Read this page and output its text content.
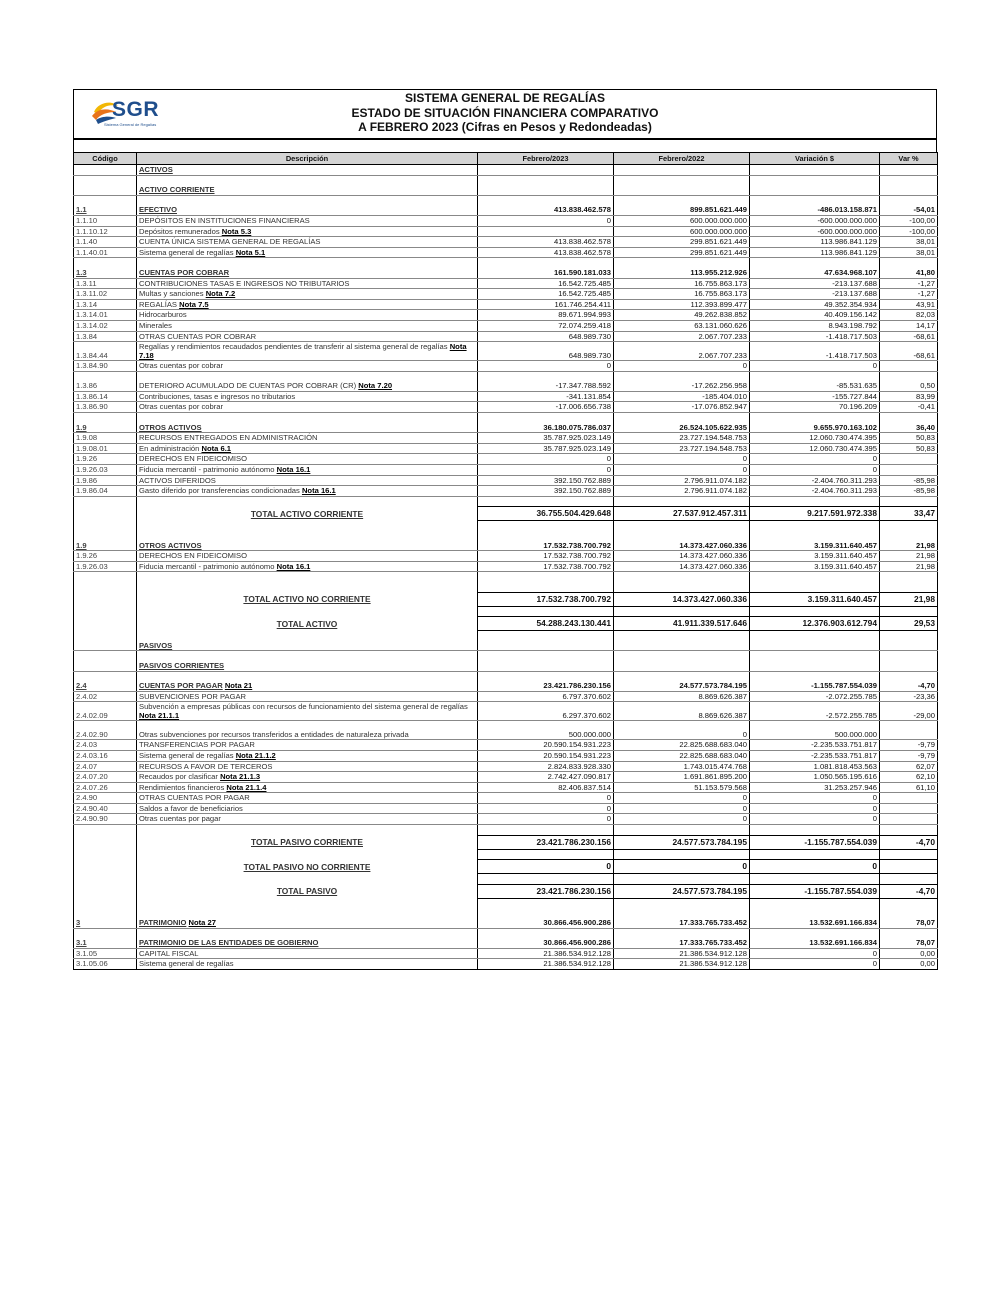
SGR
Sistema General de Regalías
SISTEMA GENERAL DE REGALÍAS
ESTADO DE SITUACIÓN FINANCIERA COMPARATIVO
A FEBRERO 2023 (Cifras en Pesos y Redondeadas)
Código	Descripción	Febrero/2023	Febrero/2022	Variación $	Var %
	ACTIVOS				

	ACTIVO CORRIENTE				

1.1	EFECTIVO	413.838.462.578	899.851.621.449	-486.013.158.871	-54,01
1.1.10	DEPÓSITOS EN INSTITUCIONES FINANCIERAS	0	600.000.000.000	-600.000.000.000	-100,00
1.1.10.12	Depósitos remunerados Nota 5.3		600.000.000.000	-600.000.000.000	-100,00
1.1.40	CUENTA ÚNICA SISTEMA GENERAL DE REGALÍAS	413.838.462.578	299.851.621.449	113.986.841.129	38,01
1.1.40.01	Sistema general de regalías Nota 5.1	413.838.462.578	299.851.621.449	113.986.841.129	38,01

1.3	CUENTAS POR COBRAR	161.590.181.033	113.955.212.926	47.634.968.107	41,80
1.3.11	CONTRIBUCIONES TASAS E INGRESOS NO TRIBUTARIOS	16.542.725.485	16.755.863.173	-213.137.688	-1,27
1.3.11.02	Multas y sanciones Nota 7.2	16.542.725.485	16.755.863.173	-213.137.688	-1,27
1.3.14	REGALÍAS Nota 7.5	161.746.254.411	112.393.899.477	49.352.354.934	43,91
1.3.14.01	Hidrocarburos	89.671.994.993	49.262.838.852	40.409.156.142	82,03
1.3.14.02	Minerales	72.074.259.418	63.131.060.626	8.943.198.792	14,17
1.3.84	OTRAS CUENTAS POR COBRAR	648.989.730	2.067.707.233	-1.418.717.503	-68,61
1.3.84.44	Regalías y rendimientos recaudados pendientes de transferir al sistema general de regalías Nota 7.18	648.989.730	2.067.707.233	-1.418.717.503	-68,61
1.3.84.90	Otras cuentas por cobrar	0	0	0	

1.3.86	DETERIORO ACUMULADO DE CUENTAS POR COBRAR (CR) Nota 7.20	-17.347.788.592	-17.262.256.958	-85.531.635	0,50
1.3.86.14	Contribuciones, tasas e ingresos no tributarios	-341.131.854	-185.404.010	-155.727.844	83,99
1.3.86.90	Otras cuentas por cobrar	-17.006.656.738	-17.076.852.947	70.196.209	-0,41

1.9	OTROS ACTIVOS	36.180.075.786.037	26.524.105.622.935	9.655.970.163.102	36,40
1.9.08	RECURSOS ENTREGADOS EN ADMINISTRACIÓN	35.787.925.023.149	23.727.194.548.753	12.060.730.474.395	50,83
1.9.08.01	En administración Nota 6.1	35.787.925.023.149	23.727.194.548.753	12.060.730.474.395	50,83
1.9.26	DERECHOS EN FIDEICOMISO	0	0	0	
1.9.26.03	Fiducia mercantil - patrimonio autónomo Nota 16.1	0	0	0	
1.9.86	ACTIVOS DIFERIDOS	392.150.762.889	2.796.911.074.182	-2.404.760.311.293	-85,98
1.9.86.04	Gasto diferido por transferencias condicionadas Nota 16.1	392.150.762.889	2.796.911.074.182	-2.404.760.311.293	-85,98

	TOTAL ACTIVO CORRIENTE	36.755.504.429.648	27.537.912.457.311	9.217.591.972.338	33,47

1.9	OTROS ACTIVOS	17.532.738.700.792	14.373.427.060.336	3.159.311.640.457	21,98
1.9.26	DERECHOS EN FIDEICOMISO	17.532.738.700.792	14.373.427.060.336	3.159.311.640.457	21,98
1.9.26.03	Fiducia mercantil - patrimonio autónomo Nota 16.1	17.532.738.700.792	14.373.427.060.336	3.159.311.640.457	21,98

	TOTAL ACTIVO NO CORRIENTE	17.532.738.700.792	14.373.427.060.336	3.159.311.640.457	21,98

	TOTAL ACTIVO	54.288.243.130.441	41.911.339.517.646	12.376.903.612.794	29,53

	PASIVOS				

	PASIVOS CORRIENTES				

2.4	CUENTAS POR PAGAR Nota 21	23.421.786.230.156	24.577.573.784.195	-1.155.787.554.039	-4,70
2.4.02	SUBVENCIONES POR PAGAR	6.797.370.602	8.869.626.387	-2.072.255.785	-23,36
2.4.02.09	Subvención a empresas públicas con recursos de funcionamiento del sistema general de regalías Nota 21.1.1	6.297.370.602	8.869.626.387	-2.572.255.785	-29,00
2.4.02.90	Otras subvenciones por recursos transferidos a entidades de naturaleza privada	500.000.000	0	500.000.000	
2.4.03	TRANSFERENCIAS POR PAGAR	20.590.154.931.223	22.825.688.683.040	-2.235.533.751.817	-9,79
2.4.03.16	Sistema general de regalías Nota 21.1.2	20.590.154.931.223	22.825.688.683.040	-2.235.533.751.817	-9,79
2.4.07	RECURSOS A FAVOR DE TERCEROS	2.824.833.928.330	1.743.015.474.768	1.081.818.453.563	62,07
2.4.07.20	Recaudos por clasificar Nota 21.1.3	2.742.427.090.817	1.691.861.895.200	1.050.565.195.616	62,10
2.4.07.26	Rendimientos financieros Nota 21.1.4	82.406.837.514	51.153.579.568	31.253.257.946	61,10
2.4.90	OTRAS CUENTAS POR PAGAR	0	0	0	
2.4.90.40	Saldos a favor de beneficiarios	0	0	0	
2.4.90.90	Otras cuentas por pagar	0	0	0	

	TOTAL PASIVO CORRIENTE	23.421.786.230.156	24.577.573.784.195	-1.155.787.554.039	-4,70

	TOTAL PASIVO NO CORRIENTE	0	0	0	

	TOTAL PASIVO	23.421.786.230.156	24.577.573.784.195	-1.155.787.554.039	-4,70

3	PATRIMONIO Nota 27	30.866.456.900.286	17.333.765.733.452	13.532.691.166.834	78,07

3.1	PATRIMONIO DE LAS ENTIDADES DE GOBIERNO	30.866.456.900.286	17.333.765.733.452	13.532.691.166.834	78,07
3.1.05	CAPITAL FISCAL	21.386.534.912.128	21.386.534.912.128	0	0,00
3.1.05.06	Sistema general de regalías	21.386.534.912.128	21.386.534.912.128	0	0,00
